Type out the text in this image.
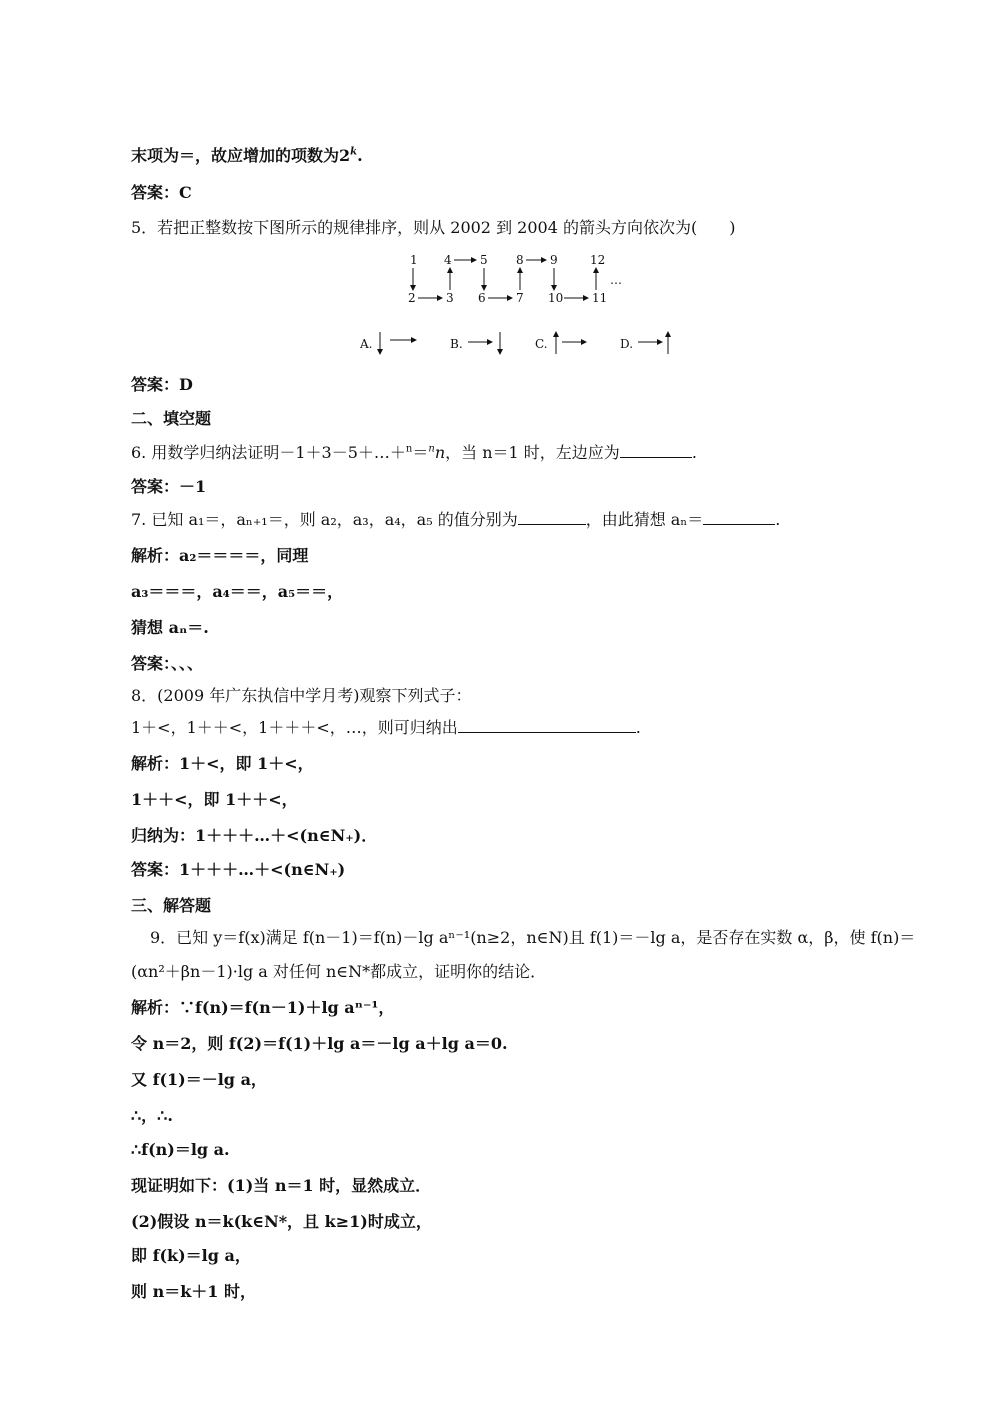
末项为＝，故应增加的项数为2$^k$.
答案：C
5．若把正整数按下图所示的规律排序，则从 2002 到 2004 的箭头方向依次为(　　)
1
2	3
4 5
6	7
8 9
10 11
12
…
A.	B.	C.	D.
答案：D
二、填空题
6. 用数学归纳法证明－1＋3－5＋…＋$^n$＝$^n$n，当 n＝1 时，左边应为	.
答案：－1
7. 已知 a₁＝，aₙ₊₁＝，则 a₂，a₃，a₄，a₅ 的值分别为	，由此猜想 aₙ＝	.
解析：a₂＝＝＝＝，同理
a₃＝＝＝，a₄＝＝，a₅＝＝，
猜想 aₙ＝.
答案：、、、
8．(2009 年广东执信中学月考)观察下列式子：
1＋<，1＋＋<，1＋＋＋<，…，则可归纳出	.
解析：1＋<，即 1＋<，
1＋＋<，即 1＋＋<，
归纳为：1＋＋＋…＋<(n∈N₊)．
答案：1＋＋＋…＋<(n∈N₊)
三、解答题
9．已知 y＝f(x)满足 f(n－1)＝f(n)－lg aⁿ⁻¹(n≥2，n∈N)且 f(1)＝－lg a，是否存在实数 α，β，使 f(n)＝
(αn²＋βn－1)·lg a 对任何 n∈N*都成立，证明你的结论．
解析：∵f(n)＝f(n－1)＋lg aⁿ⁻¹，
令 n＝2，则 f(2)＝f(1)＋lg a＝－lg a＋lg a＝0.
又 f(1)＝－lg a，
∴，∴.
∴f(n)＝lg a.
现证明如下：(1)当 n＝1 时，显然成立．
(2)假设 n＝k(k∈N*，且 k≥1)时成立，
即 f(k)＝lg a，
则 n＝k＋1 时，
